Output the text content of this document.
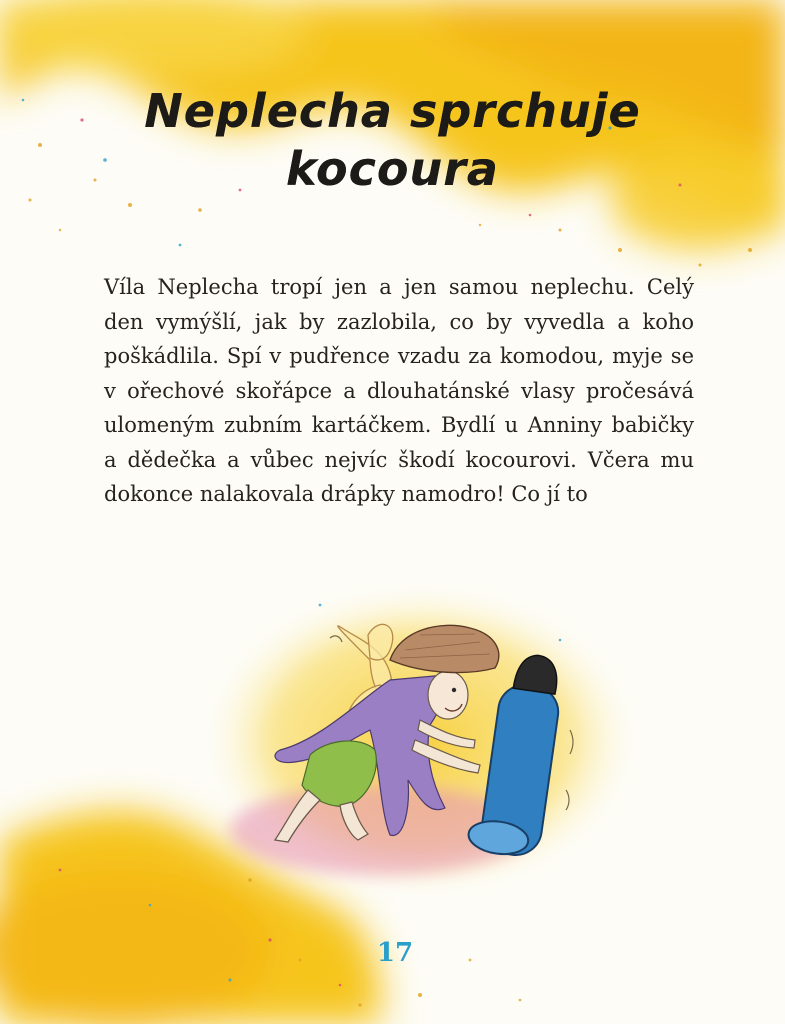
Neplecha sprchuje
kocoura

Víla Neplecha tropí jen a jen samou neplechu. Celý den vymýšlí, jak by zazlobila, co by vyvedla a koho poškádlila. Spí v pudřence vzadu za komodou, myje se v ořechové skořápce a dlouhatánské vlasy pročesává ulomeným zubním kartáčkem. Bydlí u Anniny babičky a dědečka a vůbec nejvíc škodí kocourovi. Včera mu dokonce nalakovala drápky namodro! Co jí to

17
